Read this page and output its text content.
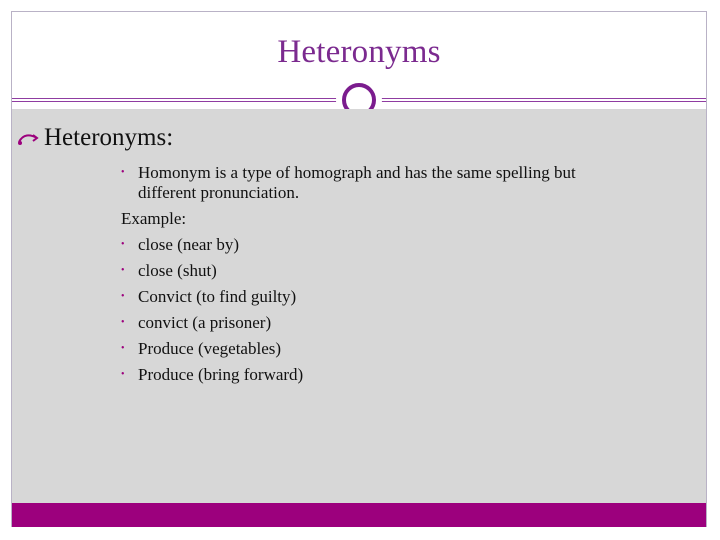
Heteronyms
Heteronyms:
• Homonym is a type of homograph and has the same spelling but
different pronunciation.
Example:
• close (near by)
• close (shut)
• Convict (to find guilty)
• convict (a prisoner)
• Produce (vegetables)
• Produce (bring forward)
